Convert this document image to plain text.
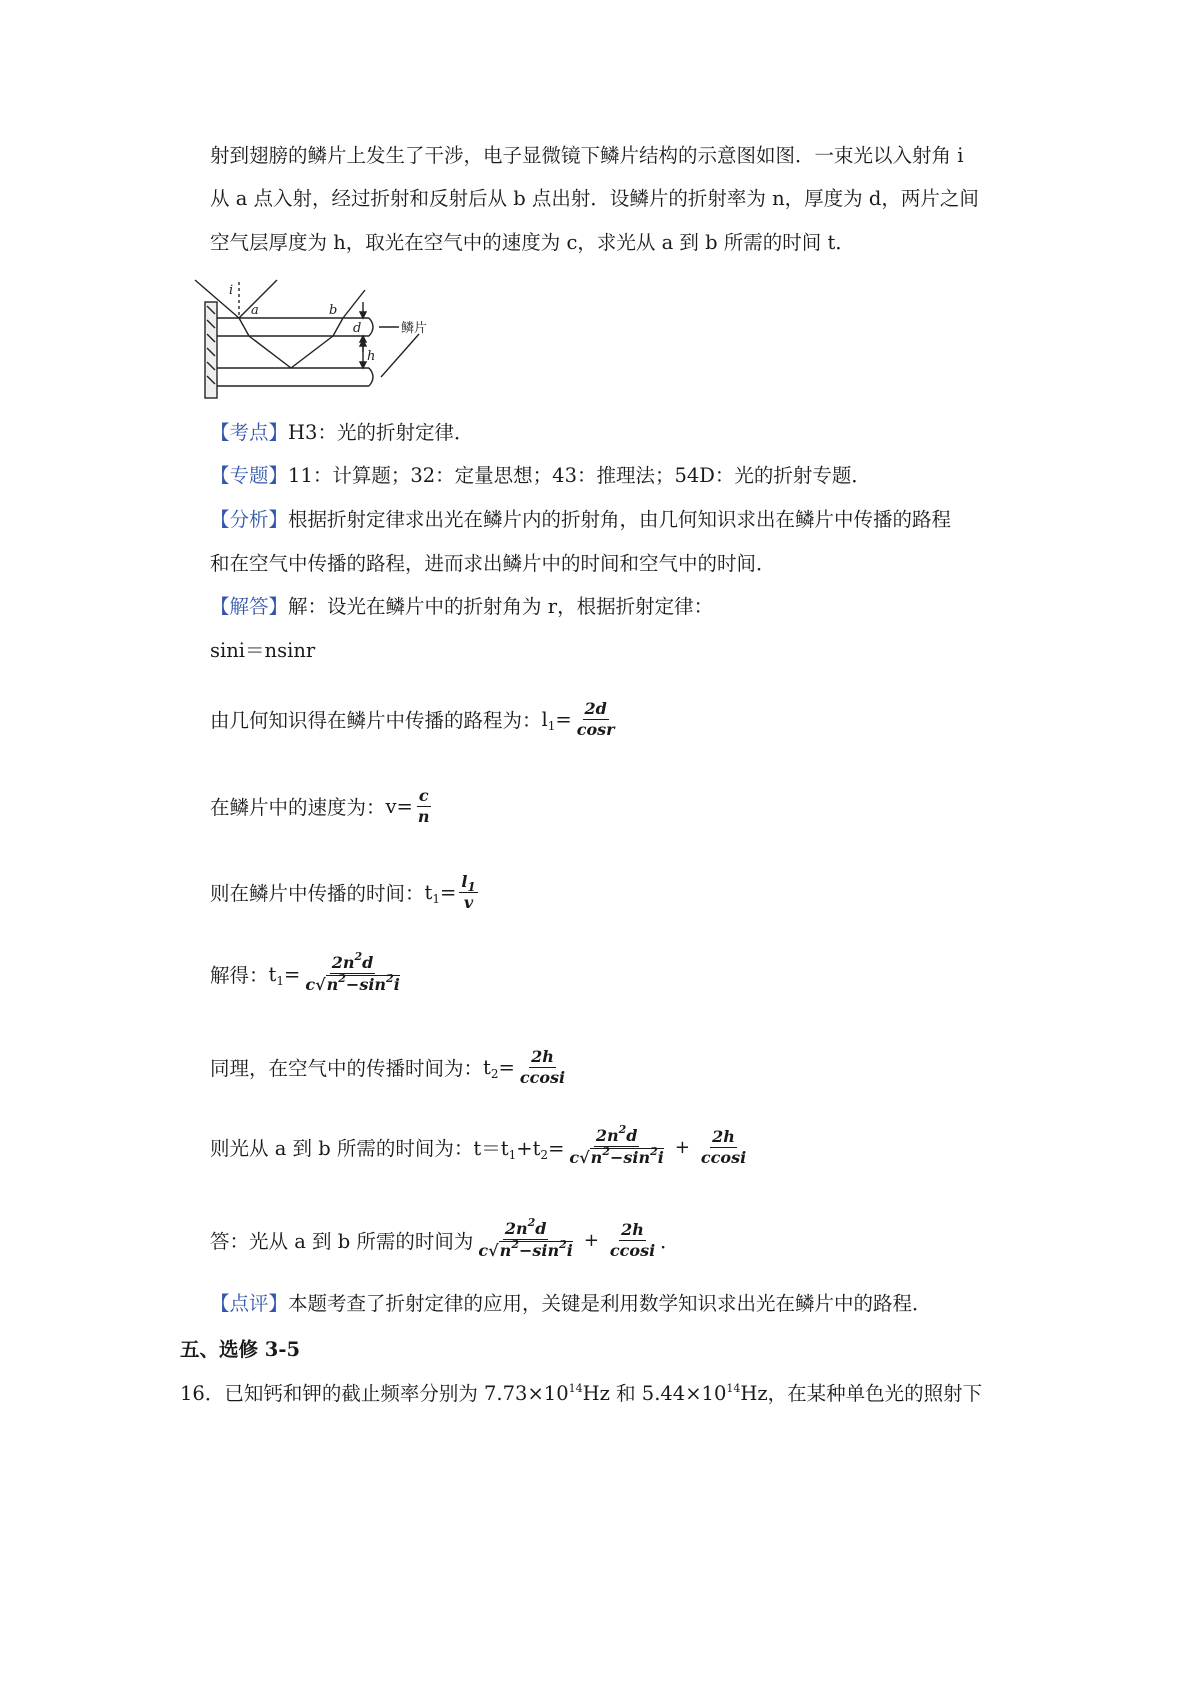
射到翅膀的鳞片上发生了干涉，电子显微镜下鳞片结构的示意图如图．一束光以入射角 i
从 a 点入射，经过折射和反射后从 b 点出射．设鳞片的折射率为 n，厚度为 d，两片之间
空气层厚度为 h，取光在空气中的速度为 c，求光从 a 到 b 所需的时间 t．
i
a	b
d
h
鳞片
【考点】H3：光的折射定律．
【专题】11：计算题；32：定量思想；43：推理法；54D：光的折射专题．
【分析】根据折射定律求出光在鳞片内的折射角，由几何知识求出在鳞片中传播的路程
和在空气中传播的路程，进而求出鳞片中的时间和空气中的时间．
【解答】解：设光在鳞片中的折射角为 r，根据折射定律：
sini＝nsinr
由几何知识得在鳞片中传播的路程为： $l_1= \frac{2d}{\cos r}$
在鳞片中的速度为： $v= \frac{c}{n}$
则在鳞片中传播的时间： $t_1= \frac{l_1}{v}$
解得： $t_1= \frac{2n^2d}{c√n^2-\sin^2i}$
同理，在空气中的传播时间为： $t_2= \frac{2h}{ccosi}$
则光从 a 到 b 所需的时间为： $t=t_1+t_2= \frac{2n^2d}{c√n^2-\sin^2i} + \frac{2h}{ccosi}$
答：光从 a 到 b 所需的时间为 $\frac{2n^2d}{c√n^2-\sin^2i} + \frac{2h}{ccosi}$ ．
【点评】本题考查了折射定律的应用，关键是利用数学知识求出光在鳞片中的路程．
五、选修 3-5
16．已知钙和钾的截止频率分别为 $7.73\times 10^{14}Hz$ 和 $5.44\times 10^{14}Hz$，在某种单色光的照射下
